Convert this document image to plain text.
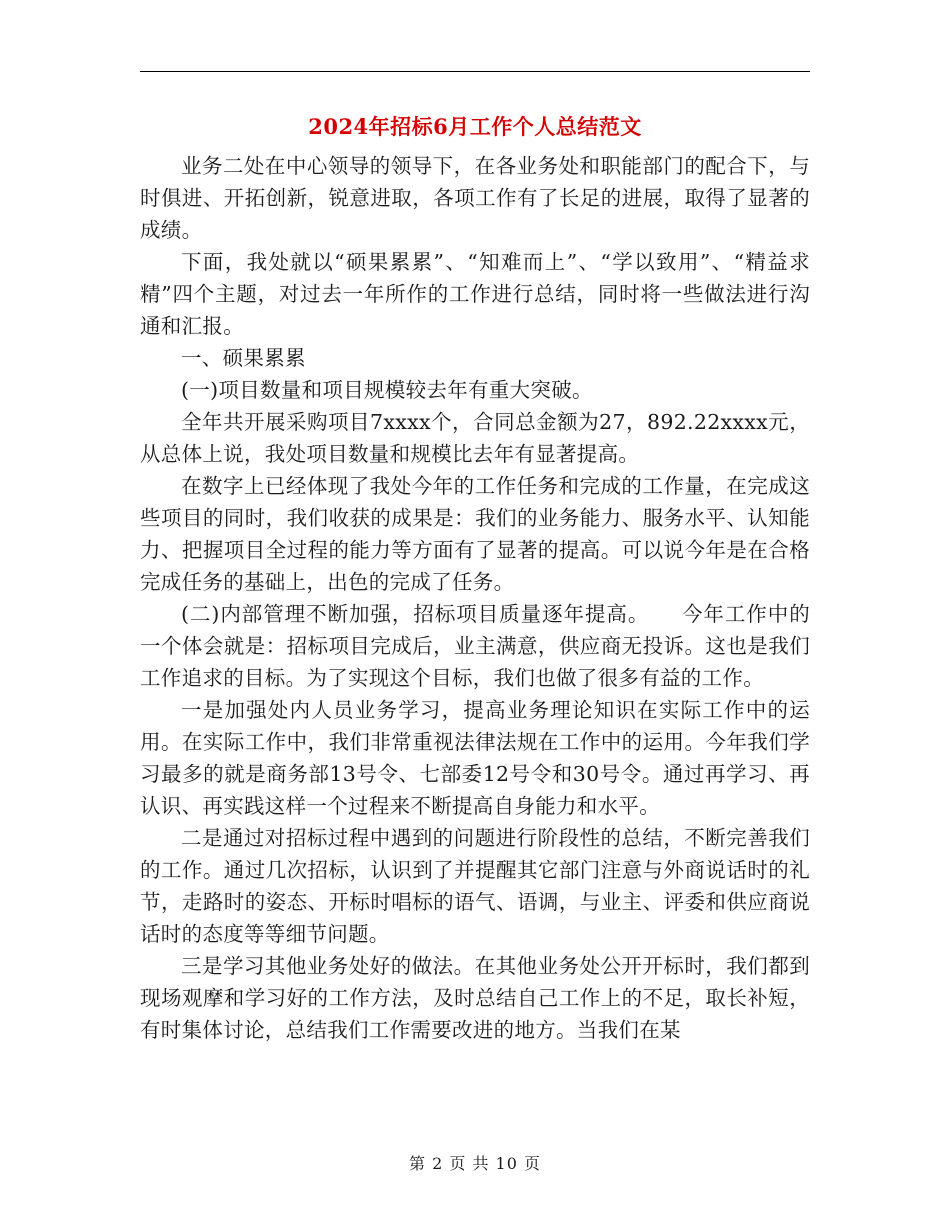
2024年招标6月工作个人总结范文

业务二处在中心领导的领导下，在各业务处和职能部门的配合下，与时俱进、开拓创新，锐意进取，各项工作有了长足的进展，取得了显著的成绩。

下面，我处就以“硕果累累”、“知难而上”、“学以致用”、“精益求精”四个主题，对过去一年所作的工作进行总结，同时将一些做法进行沟通和汇报。

一、硕果累累

(一)项目数量和项目规模较去年有重大突破。

全年共开展采购项目7xxxx个，合同总金额为27，892.22xxxx元，从总体上说，我处项目数量和规模比去年有显著提高。

在数字上已经体现了我处今年的工作任务和完成的工作量，在完成这些项目的同时，我们收获的成果是：我们的业务能力、服务水平、认知能力、把握项目全过程的能力等方面有了显著的提高。可以说今年是在合格完成任务的基础上，出色的完成了任务。

(二)内部管理不断加强，招标项目质量逐年提高。　　今年工作中的一个体会就是：招标项目完成后，业主满意，供应商无投诉。这也是我们工作追求的目标。为了实现这个目标，我们也做了很多有益的工作。

一是加强处内人员业务学习，提高业务理论知识在实际工作中的运用。在实际工作中，我们非常重视法律法规在工作中的运用。今年我们学习最多的就是商务部13号令、七部委12号令和30号令。通过再学习、再认识、再实践这样一个过程来不断提高自身能力和水平。

二是通过对招标过程中遇到的问题进行阶段性的总结，不断完善我们的工作。通过几次招标，认识到了并提醒其它部门注意与外商说话时的礼节，走路时的姿态、开标时唱标的语气、语调，与业主、评委和供应商说话时的态度等等细节问题。

三是学习其他业务处好的做法。在其他业务处公开开标时，我们都到现场观摩和学习好的工作方法，及时总结自己工作上的不足，取长补短，有时集体讨论，总结我们工作需要改进的地方。当我们在某

第 2 页 共 10 页
